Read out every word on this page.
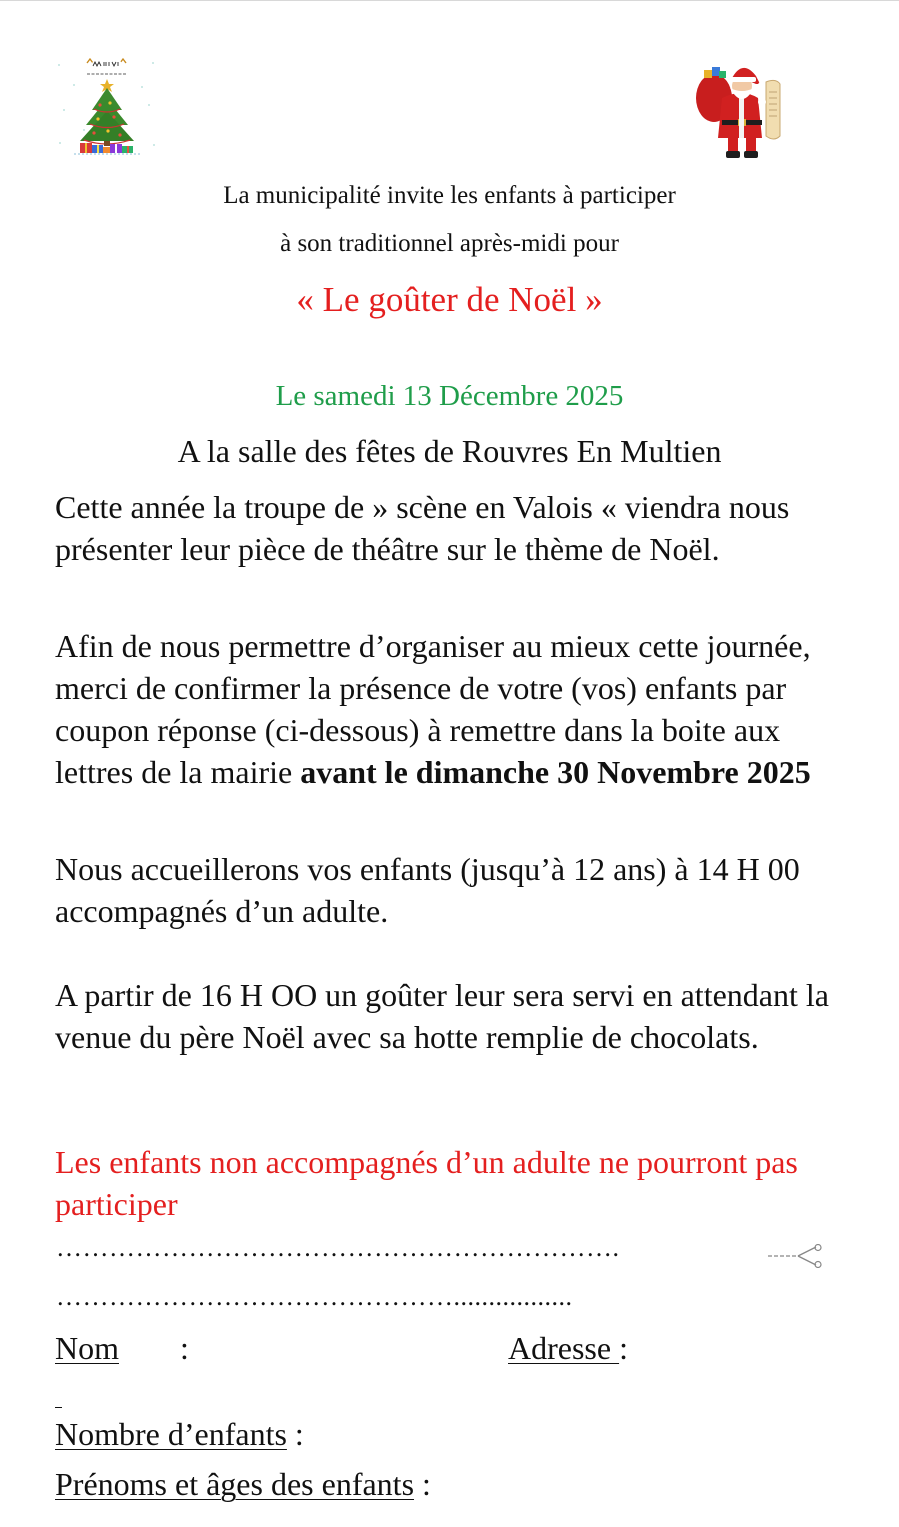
La municipalité invite les enfants à participer
à son traditionnel après-midi pour
« Le goûter de Noël »
Le samedi 13 Décembre 2025
A la salle des fêtes de Rouvres En Multien
Cette année la troupe de » scène en Valois « viendra nous présenter leur pièce de théâtre sur le thème de Noël.
Afin de nous permettre d’organiser au mieux cette journée, merci de confirmer la présence de votre (vos) enfants par coupon réponse (ci-dessous) à remettre dans la boite aux lettres de la mairie avant le dimanche 30 Novembre 2025
Nous accueillerons vos enfants (jusqu’à 12 ans) à 14 H 00 accompagnés d’un adulte.
A partir de 16 H OO un goûter leur sera servi en attendant la venue du père Noël avec sa hotte remplie de chocolats.
Les enfants non accompagnés d’un adulte ne pourront pas participer
……………………………………………………….
……………………………………….................
Nom :	Adresse :
Nombre d’enfants :
Prénoms et âges des enfants :
